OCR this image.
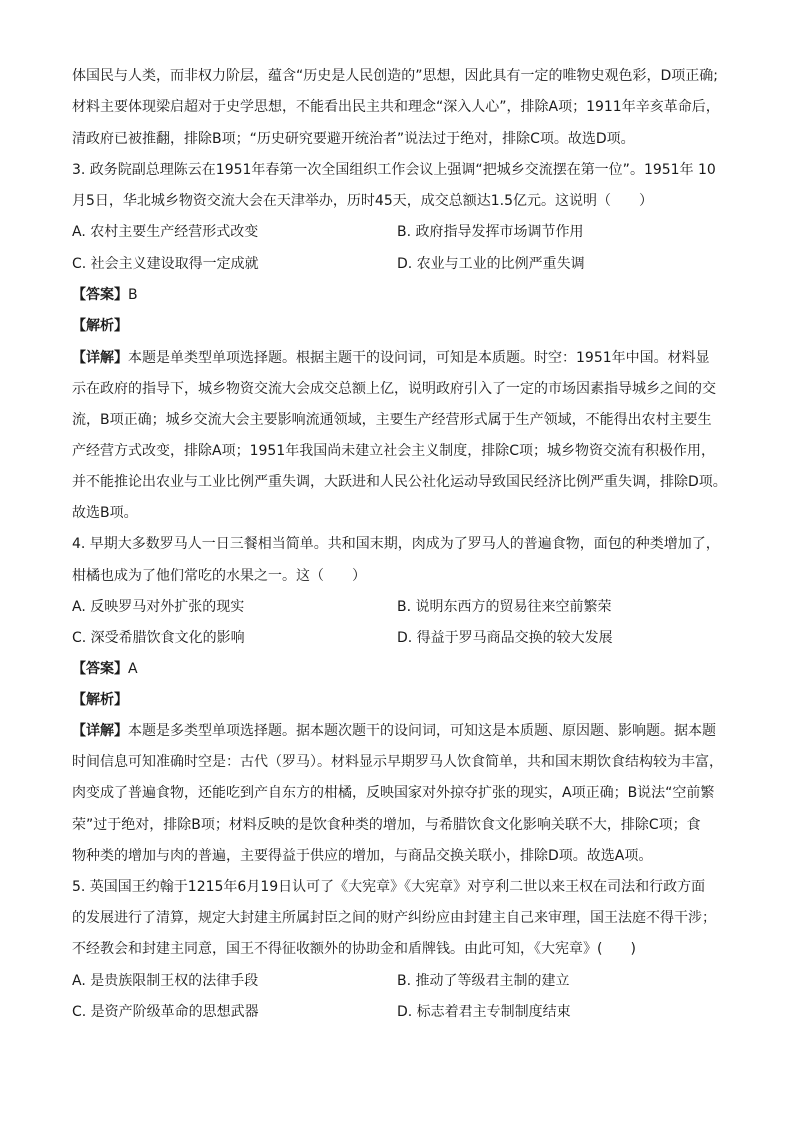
体国民与人类，而非权力阶层，蕴含“历史是人民创造的”思想，因此具有一定的唯物史观色彩，D项正确;
材料主要体现梁启超对于史学思想，不能看出民主共和理念“深入人心”，排除A项；1911年辛亥革命后，
清政府已被推翻，排除B项；“历史研究要避开统治者”说法过于绝对，排除C项。故选D项。
3. 政务院副总理陈云在1951年春第一次全国组织工作会议上强调“把城乡交流摆在第一位”。1951年 10
月5日，华北城乡物资交流大会在天津举办，历时45天，成交总额达1.5亿元。这说明（　　）
A. 农村主要生产经营形式改变	B. 政府指导发挥市场调节作用
C. 社会主义建设取得一定成就	D. 农业与工业的比例严重失调
【答案】B
【解析】
【详解】本题是单类型单项选择题。根据主题干的设问词，可知是本质题。时空：1951年中国。材料显
示在政府的指导下，城乡物资交流大会成交总额上亿，说明政府引入了一定的市场因素指导城乡之间的交
流，B项正确；城乡交流大会主要影响流通领域，主要生产经营形式属于生产领域，不能得出农村主要生
产经营方式改变，排除A项；1951年我国尚未建立社会主义制度，排除C项；城乡物资交流有积极作用，
并不能推论出农业与工业比例严重失调，大跃进和人民公社化运动导致国民经济比例严重失调，排除D项。
故选B项。
4. 早期大多数罗马人一日三餐相当简单。共和国末期，肉成为了罗马人的普遍食物，面包的种类增加了，
柑橘也成为了他们常吃的水果之一。这（　　）
A. 反映罗马对外扩张的现实	B. 说明东西方的贸易往来空前繁荣
C. 深受希腊饮食文化的影响	D. 得益于罗马商品交换的较大发展
【答案】A
【解析】
【详解】本题是多类型单项选择题。据本题次题干的设问词，可知这是本质题、原因题、影响题。据本题
时间信息可知准确时空是：古代（罗马）。材料显示早期罗马人饮食简单，共和国末期饮食结构较为丰富，
肉变成了普遍食物，还能吃到产自东方的柑橘，反映国家对外掠夺扩张的现实，A项正确；B说法“空前繁
荣”过于绝对，排除B项；材料反映的是饮食种类的增加，与希腊饮食文化影响关联不大，排除C项；食
物种类的增加与肉的普遍，主要得益于供应的增加，与商品交换关联小，排除D项。故选A项。
5. 英国国王约翰于1215年6月19日认可了《大宪章》《大宪章》对亨利二世以来王权在司法和行政方面
的发展进行了清算，规定大封建主所属封臣之间的财产纠纷应由封建主自己来审理，国王法庭不得干涉；
不经教会和封建主同意，国王不得征收额外的协助金和盾牌钱。由此可知，《大宪章》(　　)
A. 是贵族限制王权的法律手段	B. 推动了等级君主制的建立
C. 是资产阶级革命的思想武器	D. 标志着君主专制制度结束
